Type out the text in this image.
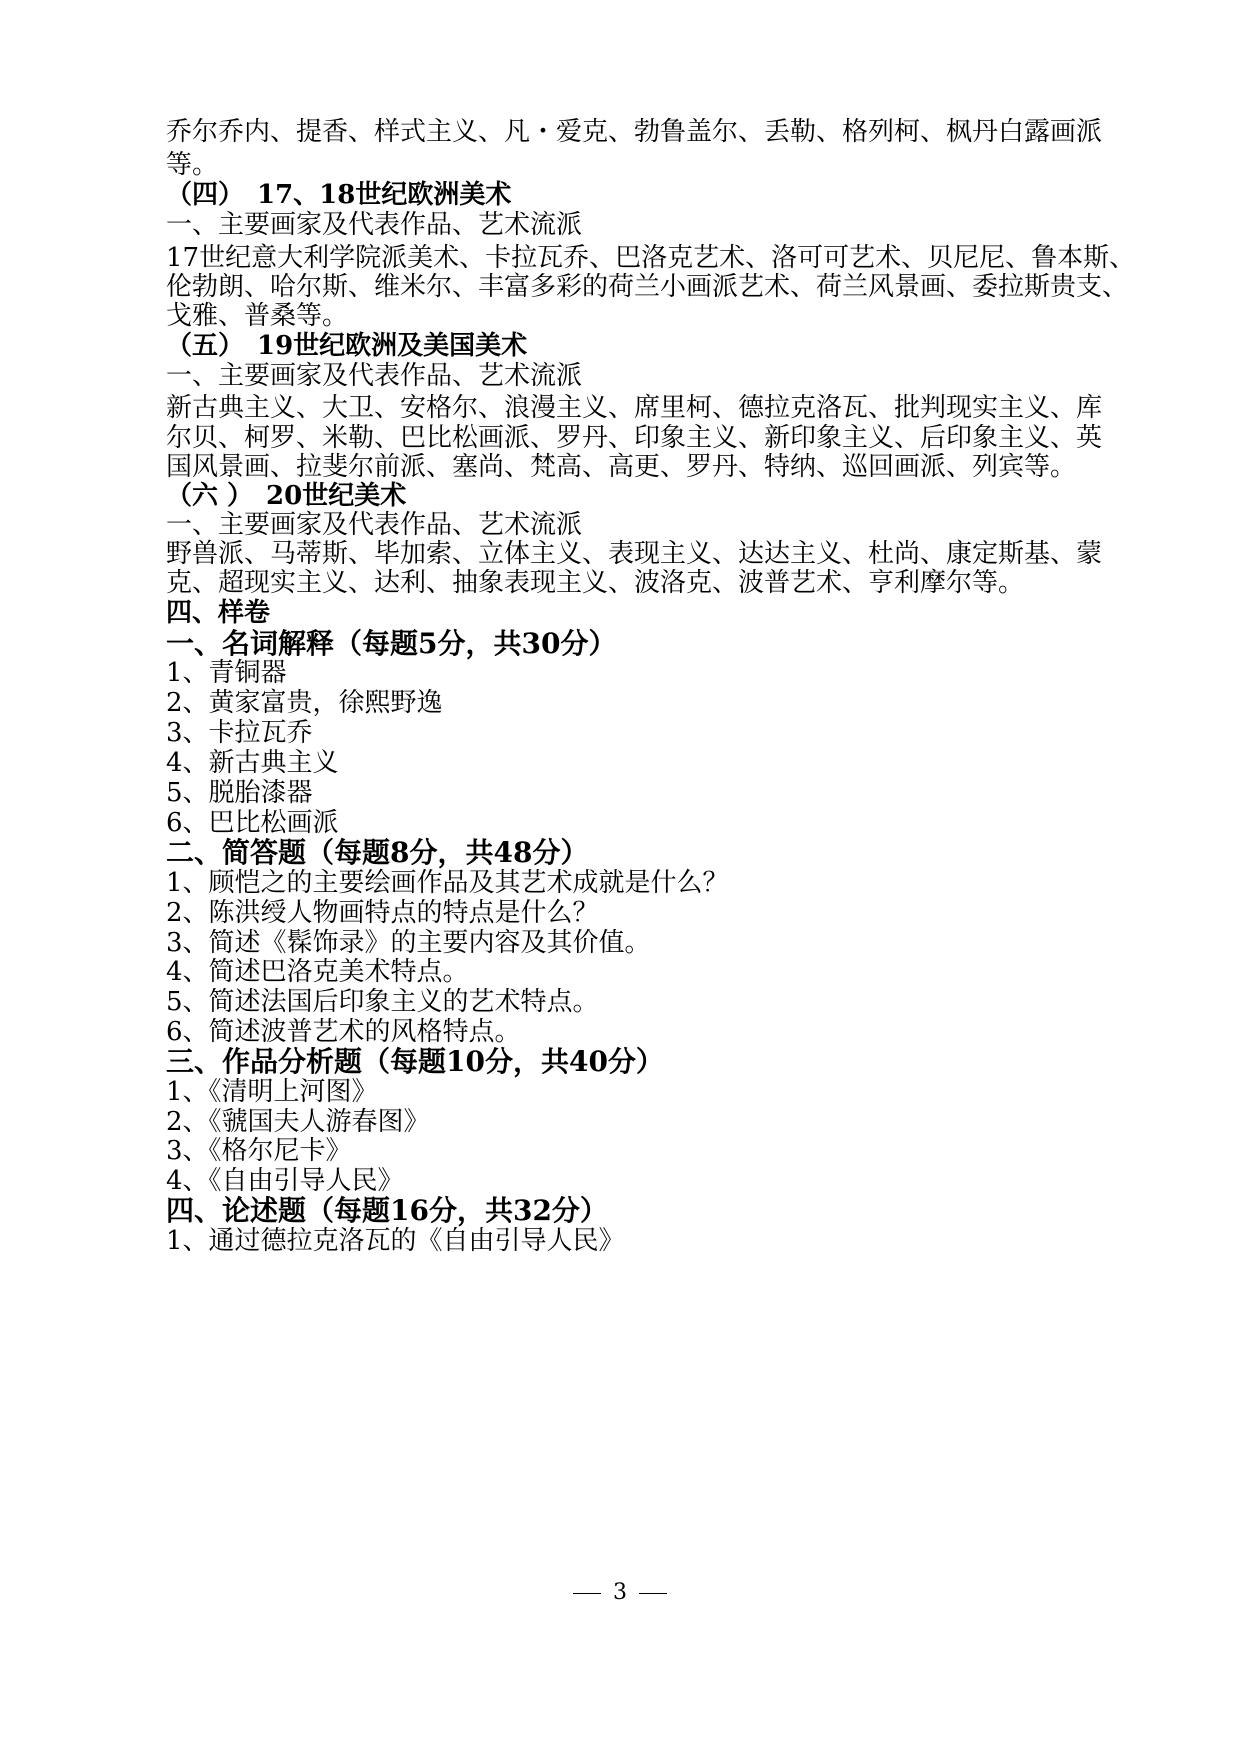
乔尔乔内、提香、样式主义、凡・爱克、勃鲁盖尔、丢勒、格列柯、枫丹白露画派
等。
（四）　17、18世纪欧洲美术
一、主要画家及代表作品、艺术流派
17世纪意大利学院派美术、卡拉瓦乔、巴洛克艺术、洛可可艺术、贝尼尼、鲁本斯、
伦勃朗、哈尔斯、维米尔、丰富多彩的荷兰小画派艺术、荷兰风景画、委拉斯贵支、
戈雅、普桑等。
（五）　19世纪欧洲及美国美术
一、主要画家及代表作品、艺术流派
新古典主义、大卫、安格尔、浪漫主义、席里柯、德拉克洛瓦、批判现实主义、库
尔贝、柯罗、米勒、巴比松画派、罗丹、印象主义、新印象主义、后印象主义、英
国风景画、拉斐尔前派、塞尚、梵高、高更、罗丹、特纳、巡回画派、列宾等。
（六 ）　20世纪美术
一、主要画家及代表作品、艺术流派
野兽派、马蒂斯、毕加索、立体主义、表现主义、达达主义、杜尚、康定斯基、蒙
克、超现实主义、达利、抽象表现主义、波洛克、波普艺术、亨利摩尔等。
四、样卷
一、名词解释（每题5分，共30分）
1、青铜器
2、黄家富贵，徐熙野逸
3、卡拉瓦乔
4、新古典主义
5、脱胎漆器
6、巴比松画派
二、简答题（每题8分，共48分）
1、顾恺之的主要绘画作品及其艺术成就是什么？
2、陈洪绶人物画特点的特点是什么？
3、简述《髹饰录》的主要内容及其价值。
4、简述巴洛克美术特点。
5、简述法国后印象主义的艺术特点。
6、简述波普艺术的风格特点。
三、作品分析题（每题10分，共40分）
1、《清明上河图》
2、《虢国夫人游春图》
3、《格尔尼卡》
4、《自由引导人民》
四、论述题（每题16分，共32分）
1、通过德拉克洛瓦的《自由引导人民》
3
